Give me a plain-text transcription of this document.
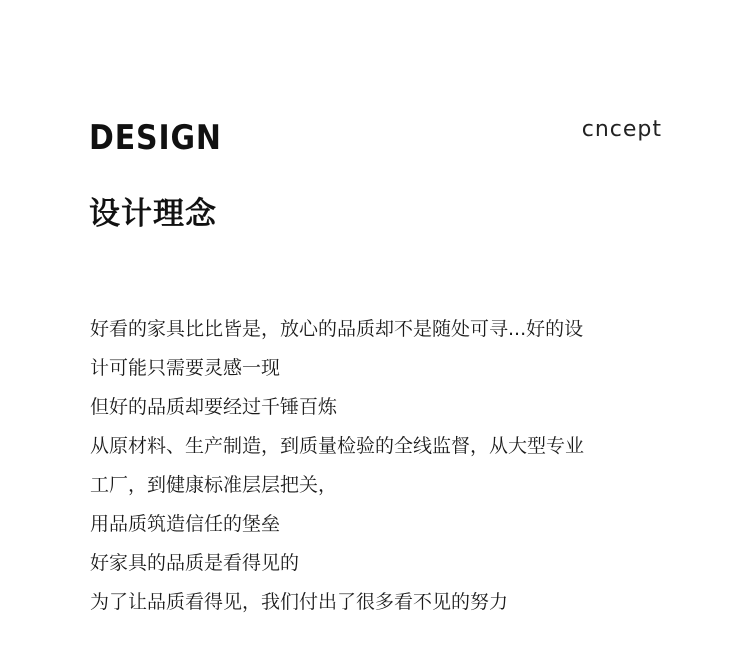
DESIGN	cncept
设计理念
好看的家具比比皆是，放心的品质却不是随处可寻...好的设
计可能只需要灵感一现
但好的品质却要经过千锤百炼
从原材料、生产制造，到质量检验的全线监督，从大型专业
工厂，到健康标准层层把关，
用品质筑造信任的堡垒
好家具的品质是看得见的
为了让品质看得见，我们付出了很多看不见的努力
